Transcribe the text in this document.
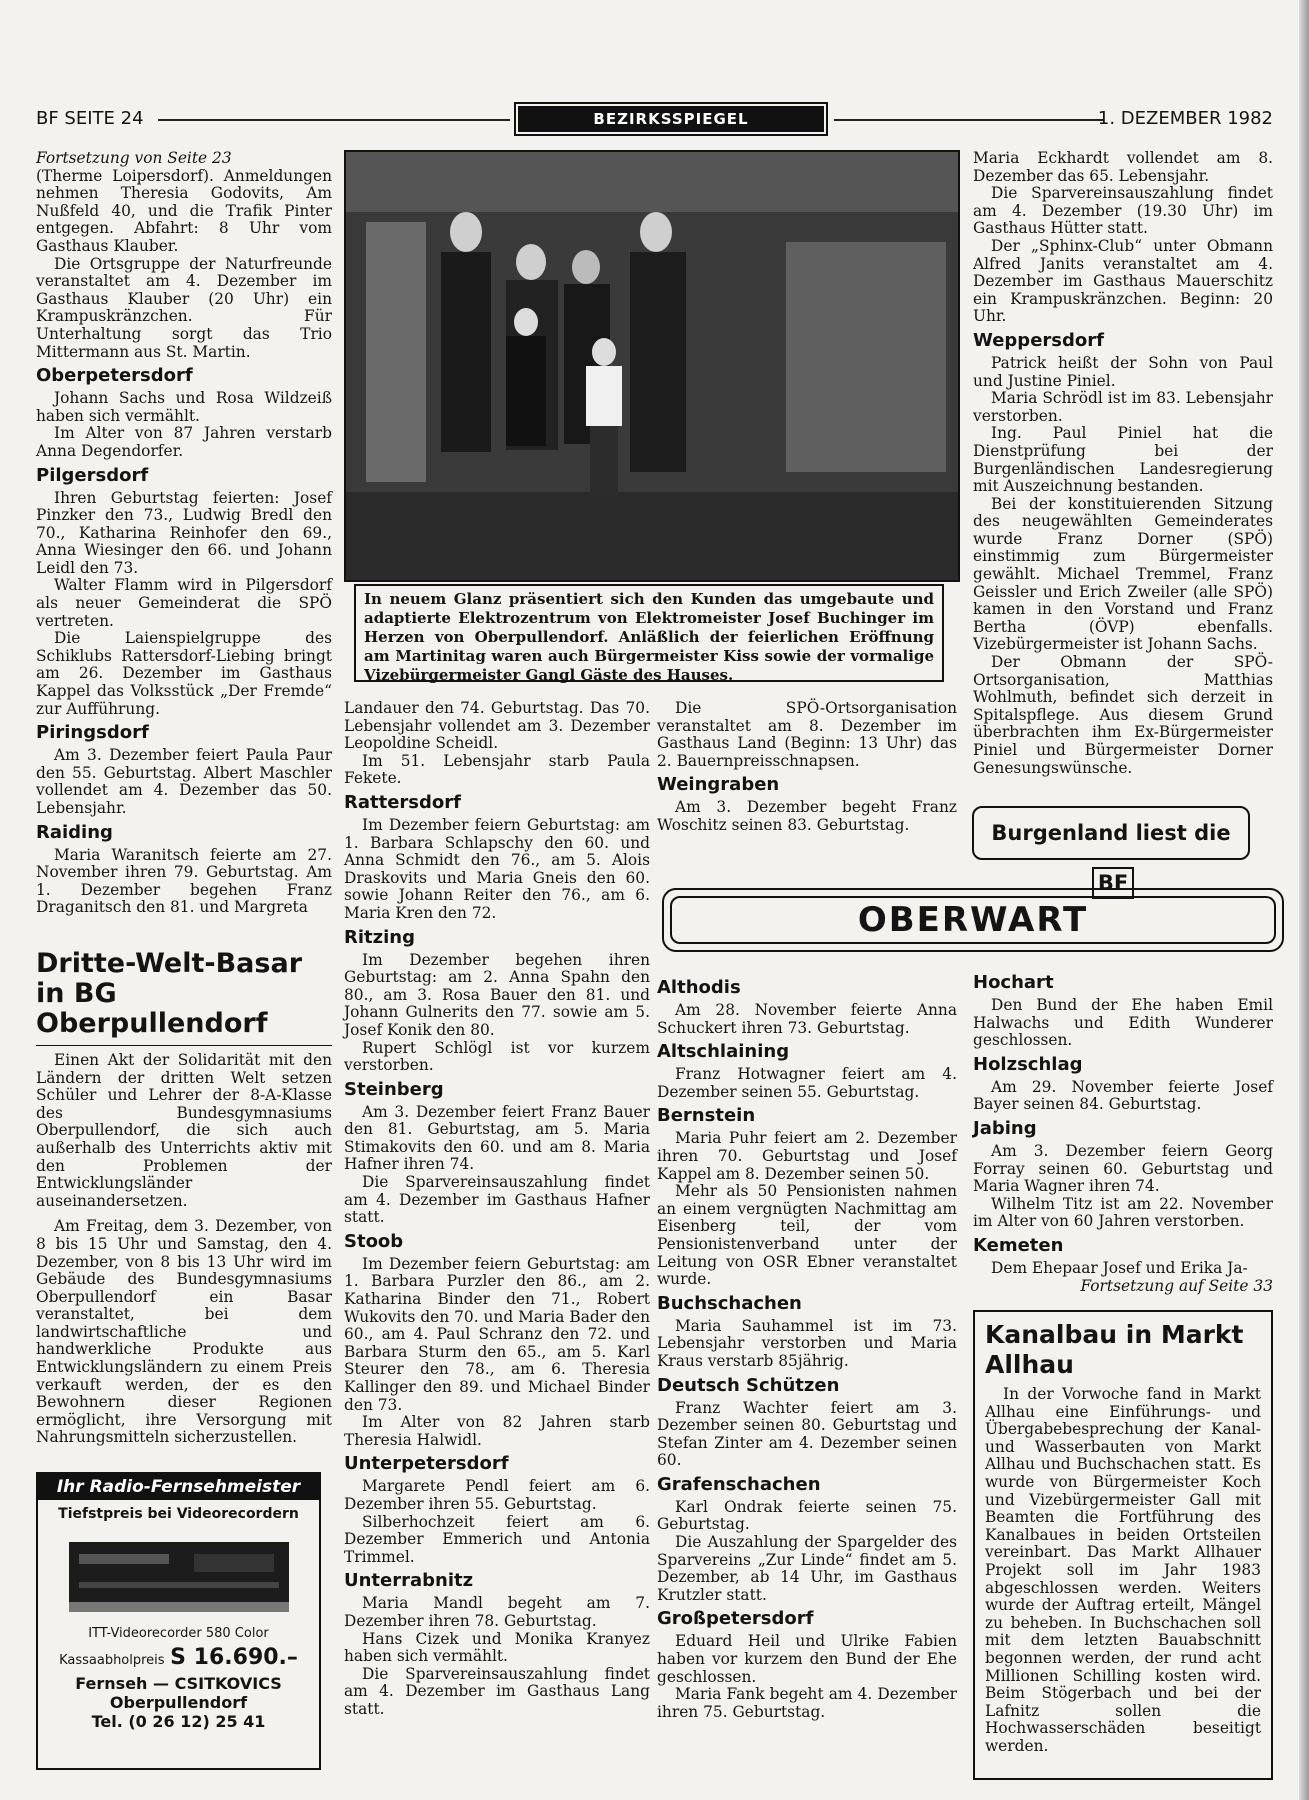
BF SEITE 24	BEZIRKSSPIEGEL	1. DEZEMBER 1982

Fortsetzung von Seite 23

(Therme Loipersdorf). Anmeldungen nehmen Theresia Godovits, Am Nußfeld 40, und die Trafik Pinter entgegen. Abfahrt: 8 Uhr vom Gasthaus Klauber.

Die Ortsgruppe der Naturfreunde veranstaltet am 4. Dezember im Gasthaus Klauber (20 Uhr) ein Krampuskränzchen. Für Unterhaltung sorgt das Trio Mittermann aus St. Martin.

Oberpetersdorf

Johann Sachs und Rosa Wildzeiß haben sich vermählt.

Im Alter von 87 Jahren verstarb Anna Degendorfer.

Pilgersdorf

Ihren Geburtstag feierten: Josef Pinzker den 73., Ludwig Bredl den 70., Katharina Reinhofer den 69., Anna Wiesinger den 66. und Johann Leidl den 73.

Walter Flamm wird in Pilgersdorf als neuer Gemeinderat die SPÖ vertreten.

Die Laienspielgruppe des Schiklubs Rattersdorf-Liebing bringt am 26. Dezember im Gasthaus Kappel das Volksstück „Der Fremde“ zur Aufführung.

Piringsdorf

Am 3. Dezember feiert Paula Paur den 55. Geburtstag. Albert Maschler vollendet am 4. Dezember das 50. Lebensjahr.

Raiding

Maria Waranitsch feierte am 27. November ihren 79. Geburtstag. Am 1. Dezember begehen Franz Draganitsch den 81. und Margreta

Dritte-Welt-Basar in BG Oberpullendorf

Einen Akt der Solidarität mit den Ländern der dritten Welt setzen Schüler und Lehrer der 8-A-Klasse des Bundesgymnasiums Oberpullendorf, die sich auch außerhalb des Unterrichts aktiv mit den Problemen der Entwicklungsländer auseinandersetzen.

Am Freitag, dem 3. Dezember, von 8 bis 15 Uhr und Samstag, den 4. Dezember, von 8 bis 13 Uhr wird im Gebäude des Bundesgymnasiums Oberpullendorf ein Basar veranstaltet, bei dem landwirtschaftliche und handwerkliche Produkte aus Entwicklungsländern zu einem Preis verkauft werden, der es den Bewohnern dieser Regionen ermöglicht, ihre Versorgung mit Nahrungsmitteln sicherzustellen.

Ihr Radio-Fernsehmeister
Tiefstpreis bei Videorecordern
ITT-Videorecorder 580 Color
Kassaabholpreis S 16.690.–
Fernseh — CSITKOVICS
Oberpullendorf
Tel. (0 26 12) 25 41
In neuem Glanz präsentiert sich den Kunden das umgebaute und adaptierte Elektrozentrum von Elektromeister Josef Buchinger im Herzen von Oberpullendorf. Anläßlich der feierlichen Eröffnung am Martinitag waren auch Bürgermeister Kiss sowie der vormalige Vizebürgermeister Gangl Gäste des Hauses.

Landauer den 74. Geburtstag. Das 70. Lebensjahr vollendet am 3. Dezember Leopoldine Scheidl.

Im 51. Lebensjahr starb Paula Fekete.

Rattersdorf

Im Dezember feiern Geburtstag: am 1. Barbara Schlapschy den 60. und Anna Schmidt den 76., am 5. Alois Draskovits und Maria Gneis den 60. sowie Johann Reiter den 76., am 6. Maria Kren den 72.

Ritzing

Im Dezember begehen ihren Geburtstag: am 2. Anna Spahn den 80., am 3. Rosa Bauer den 81. und Johann Gulnerits den 77. sowie am 5. Josef Konik den 80.

Rupert Schlögl ist vor kurzem verstorben.

Steinberg

Am 3. Dezember feiert Franz Bauer den 81. Geburtstag, am 5. Maria Stimakovits den 60. und am 8. Maria Hafner ihren 74.

Die Sparvereinsauszahlung findet am 4. Dezember im Gasthaus Hafner statt.

Stoob

Im Dezember feiern Geburtstag: am 1. Barbara Purzler den 86., am 2. Katharina Binder den 71., Robert Wukovits den 70. und Maria Bader den 60., am 4. Paul Schranz den 72. und Barbara Sturm den 65., am 5. Karl Steurer den 78., am 6. Theresia Kallinger den 89. und Michael Binder den 73.

Im Alter von 82 Jahren starb Theresia Halwidl.

Unterpetersdorf

Margarete Pendl feiert am 6. Dezember ihren 55. Geburtstag.

Silberhochzeit feiert am 6. Dezember Emmerich und Antonia Trimmel.

Unterrabnitz

Maria Mandl begeht am 7. Dezember ihren 78. Geburtstag.

Hans Cizek und Monika Kranyez haben sich vermählt.

Die Sparvereinsauszahlung findet am 4. Dezember im Gasthaus Lang statt.

Die SPÖ-Ortsorganisation veranstaltet am 8. Dezember im Gasthaus Land (Beginn: 13 Uhr) das 2. Bauernpreisschnapsen.

Weingraben

Am 3. Dezember begeht Franz Woschitz seinen 83. Geburtstag.

Maria Eckhardt vollendet am 8. Dezember das 65. Lebensjahr.

Die Sparvereinsauszahlung findet am 4. Dezember (19.30 Uhr) im Gasthaus Hütter statt.

Der „Sphinx-Club“ unter Obmann Alfred Janits veranstaltet am 4. Dezember im Gasthaus Mauerschitz ein Krampuskränzchen. Beginn: 20 Uhr.

Weppersdorf

Patrick heißt der Sohn von Paul und Justine Piniel.

Maria Schrödl ist im 83. Lebensjahr verstorben.

Ing. Paul Piniel hat die Dienstprüfung bei der Burgenländischen Landesregierung mit Auszeichnung bestanden.

Bei der konstituierenden Sitzung des neugewählten Gemeinderates wurde Franz Dorner (SPÖ) einstimmig zum Bürgermeister gewählt. Michael Tremmel, Franz Geissler und Erich Zweiler (alle SPÖ) kamen in den Vorstand und Franz Bertha (ÖVP) ebenfalls. Vizebürgermeister ist Johann Sachs.

Der Obmann der SPÖ-Ortsorganisation, Matthias Wohlmuth, befindet sich derzeit in Spitalspflege. Aus diesem Grund überbrachten ihm Ex-Bürgermeister Piniel und Bürgermeister Dorner Genesungswünsche.

Burgenland liest dieBF
OBERWART
Althodis

Am 28. November feierte Anna Schuckert ihren 73. Geburtstag.

Altschlaining

Franz Hotwagner feiert am 4. Dezember seinen 55. Geburtstag.

Bernstein

Maria Puhr feiert am 2. Dezember ihren 70. Geburtstag und Josef Kappel am 8. Dezember seinen 50.

Mehr als 50 Pensionisten nahmen an einem vergnügten Nachmittag am Eisenberg teil, der vom Pensionistenverband unter der Leitung von OSR Ebner veranstaltet wurde.

Buchschachen

Maria Sauhammel ist im 73. Lebensjahr verstorben und Maria Kraus verstarb 85jährig.

Deutsch Schützen

Franz Wachter feiert am 3. Dezember seinen 80. Geburtstag und Stefan Zinter am 4. Dezember seinen 60.

Grafenschachen

Karl Ondrak feierte seinen 75. Geburtstag.

Die Auszahlung der Spargelder des Sparvereins „Zur Linde“ findet am 5. Dezember, ab 14 Uhr, im Gasthaus Krutzler statt.

Großpetersdorf

Eduard Heil und Ulrike Fabien haben vor kurzem den Bund der Ehe geschlossen.

Maria Fank begeht am 4. Dezember ihren 75. Geburtstag.

Hochart

Den Bund der Ehe haben Emil Halwachs und Edith Wunderer geschlossen.

Holzschlag

Am 29. November feierte Josef Bayer seinen 84. Geburtstag.

Jabing

Am 3. Dezember feiern Georg Forray seinen 60. Geburtstag und Maria Wagner ihren 74.

Wilhelm Titz ist am 22. November im Alter von 60 Jahren verstorben.

Kemeten

Dem Ehepaar Josef und Erika Ja-

Fortsetzung auf Seite 33

Kanalbau in Markt Allhau

In der Vorwoche fand in Markt Allhau eine Einführungs- und Übergabebesprechung der Kanal- und Wasserbauten von Markt Allhau und Buchschachen statt. Es wurde von Bürgermeister Koch und Vizebürgermeister Gall mit Beamten die Fortführung des Kanalbaues in beiden Ortsteilen vereinbart. Das Markt Allhauer Projekt soll im Jahr 1983 abgeschlossen werden. Weiters wurde der Auftrag erteilt, Mängel zu beheben. In Buchschachen soll mit dem letzten Bauabschnitt begonnen werden, der rund acht Millionen Schilling kosten wird. Beim Stögerbach und bei der Lafnitz sollen die Hochwasserschäden beseitigt werden.
